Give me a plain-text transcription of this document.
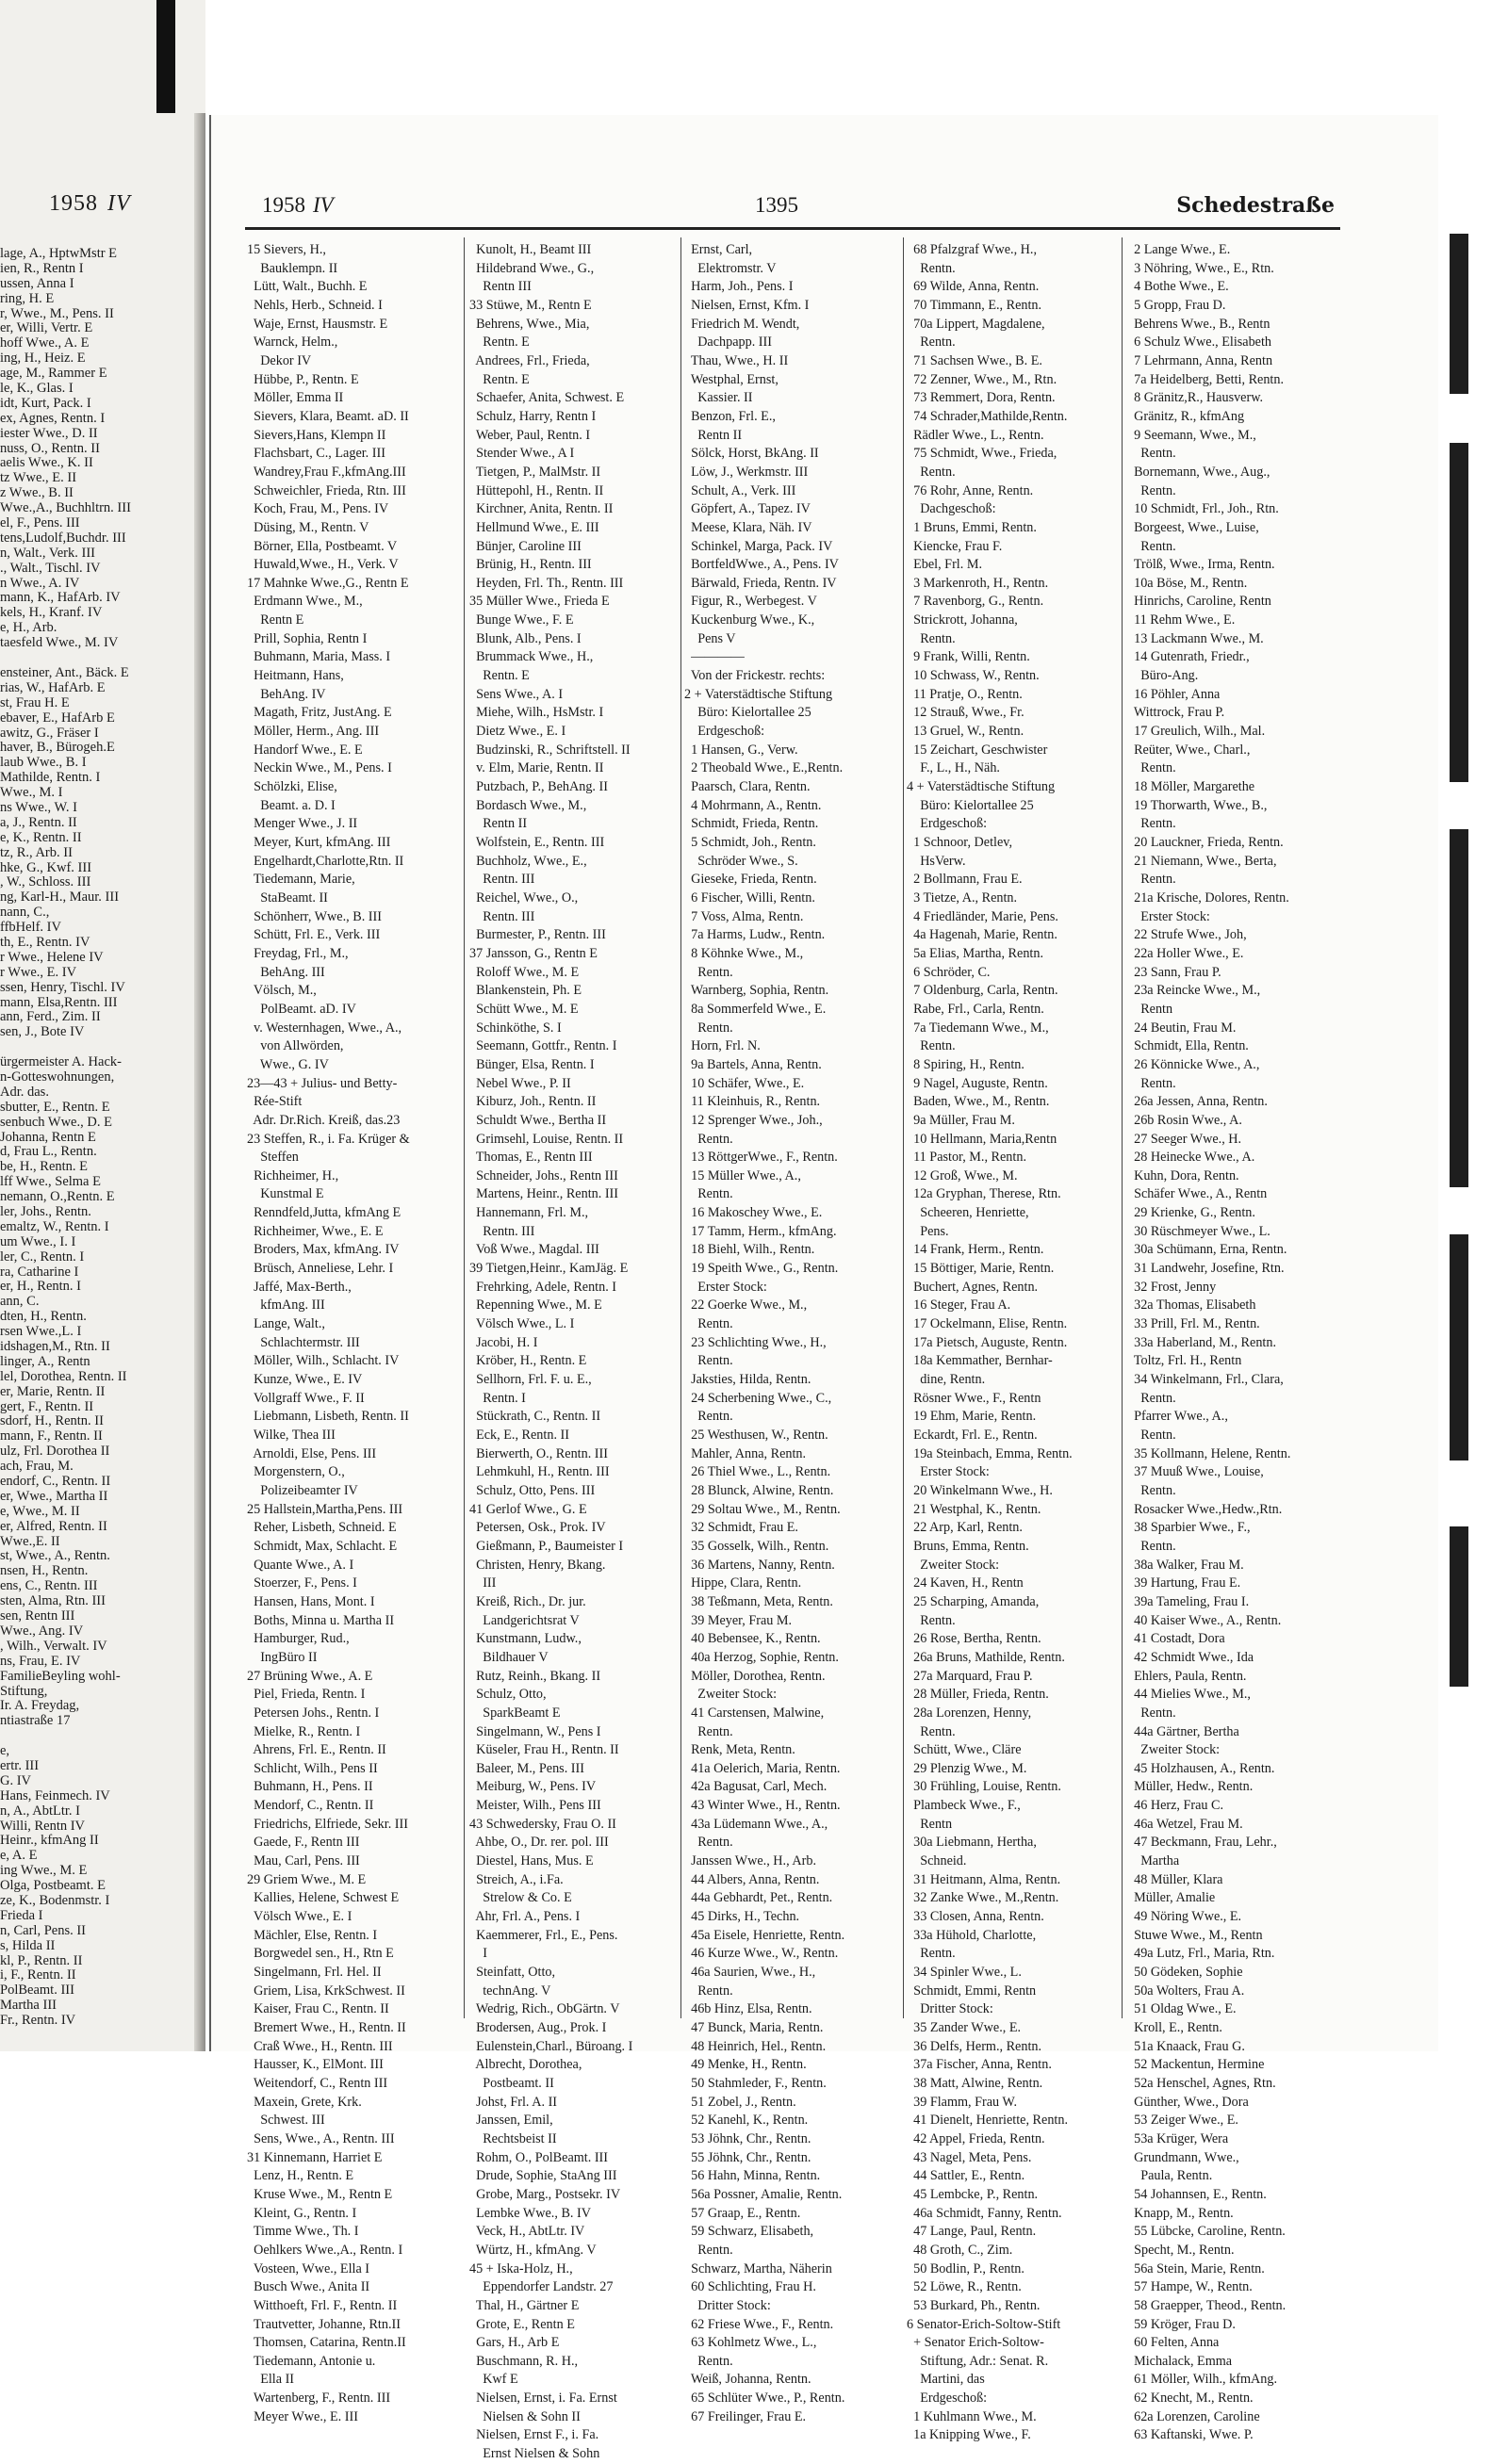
1958 IV
lage, A., HptwMstr E
ien, R., Rentn I
ussen, Anna I
ring, H. E
r, Wwe., M., Pens. II
er, Willi, Vertr. E
hoff Wwe., A. E
ing, H., Heiz. E
age, M., Rammer E
le, K., Glas. I
idt, Kurt, Pack. I
ex, Agnes, Rentn. I
iester Wwe., D. II
nuss, O., Rentn. II
aelis Wwe., K. II
tz Wwe., E. II
z Wwe., B. II
Wwe.,A., Buchhltrn. III
el, F., Pens. III
tens,Ludolf,Buchdr. III
n, Walt., Verk. III
., Walt., Tischl. IV
n Wwe., A. IV
mann, K., HafArb. IV
kels, H., Kranf. IV
e, H., Arb.
taesfeld Wwe., M. IV
ensteiner, Ant., Bäck. E
rias, W., HafArb. E
st, Frau H. E
ebaver, E., HafArb E
awitz, G., Fräser I
haver, B., Bürogeh.E
laub Wwe., B. I
Mathilde, Rentn. I
Wwe., M. I
ns Wwe., W. I
a, J., Rentn. II
e, K., Rentn. II
tz, R., Arb. II
hke, G., Kwf. III
, W., Schloss. III
ng, Karl-H., Maur. III
nann, C.,
ffbHelf. IV
th, E., Rentn. IV
r Wwe., Helene IV
r Wwe., E. IV
ssen, Henry, Tischl. IV
mann, Elsa,Rentn. III
ann, Ferd., Zim. II
sen, J., Bote IV
ürgermeister A. Hack-
n-Gotteswohnungen,
Adr. das.
sbutter, E., Rentn. E
senbuch Wwe., D. E
Johanna, Rentn E
d, Frau L., Rentn.
be, H., Rentn. E
lff Wwe., Selma E
nemann, O.,Rentn. E
ler, Johs., Rentn.
emaltz, W., Rentn. I
um Wwe., I. I
ler, C., Rentn. I
ra, Catharine I
er, H., Rentn. I
ann, C.
dten, H., Rentn.
rsen Wwe.,L. I
idshagen,M., Rtn. II
linger, A., Rentn
lel, Dorothea, Rentn. II
er, Marie, Rentn. II
gert, F., Rentn. II
sdorf, H., Rentn. II
mann, F., Rentn. II
ulz, Frl. Dorothea II
ach, Frau, M.
endorf, C., Rentn. II
er, Wwe., Martha II
e, Wwe., M. II
er, Alfred, Rentn. II
Wwe.,E. II
st, Wwe., A., Rentn.
nsen, H., Rentn.
ens, C., Rentn. III
sten, Alma, Rtn. III
sen, Rentn III
Wwe., Ang. IV
, Wilh., Verwalt. IV
ns, Frau, E. IV
FamilieBeyling wohl-
Stiftung,
Ir. A. Freydag,
ntiastraße 17
e,
ertr. III
G. IV
Hans, Feinmech. IV
n, A., AbtLtr. I
Willi, Rentn IV
Heinr., kfmAng II
e, A. E
ing Wwe., M. E
Olga, Postbeamt. E
ze, K., Bodenmstr. I
Frieda I
n, Carl, Pens. II
s, Hilda II
kl, P., Rentn. II
i, F., Rentn. II
PolBeamt. III
Martha III
Fr., Rentn. IV
1958 IV	1395	Schedestraße
15 Sievers, H.,
Bauklempn. II
Lütt, Walt., Buchh. E
Nehls, Herb., Schneid. I
Waje, Ernst, Hausmstr. E
Warnck, Helm.,
Dekor IV
Hübbe, P., Rentn. E
Möller, Emma II
Sievers, Klara, Beamt. aD. II
Sievers,Hans, Klempn II
Flachsbart, C., Lager. III
Wandrey,Frau F.,kfmAng.III
Schweichler, Frieda, Rtn. III
Koch, Frau, M., Pens. IV
Düsing, M., Rentn. V
Börner, Ella, Postbeamt. V
Huwald,Wwe., H., Verk. V
17 Mahnke Wwe.,G., Rentn E
Erdmann Wwe., M.,
Rentn E
Prill, Sophia, Rentn I
Buhmann, Maria, Mass. I
Heitmann, Hans,
BehAng. IV
Magath, Fritz, JustAng. E
Möller, Herm., Ang. III
Handorf Wwe., E. E
Neckin Wwe., M., Pens. I
Schölzki, Elise,
Beamt. a. D. I
Menger Wwe., J. II
Meyer, Kurt, kfmAng. III
Engelhardt,Charlotte,Rtn. II
Tiedemann, Marie,
StaBeamt. II
Schönherr, Wwe., B. III
Schütt, Frl. E., Verk. III
Freydag, Frl., M.,
BehAng. III
Völsch, M.,
PolBeamt. aD. IV
v. Westernhagen, Wwe., A.,
von Allwörden,
Wwe., G. IV
23—43 + Julius- und Betty-
Rée-Stift
Adr. Dr.Rich. Kreiß, das.23
23 Steffen, R., i. Fa. Krüger &
Steffen
Richheimer, H.,
Kunstmal E
Renndfeld,Jutta, kfmAng E
Richheimer, Wwe., E. E
Broders, Max, kfmAng. IV
Brüsch, Anneliese, Lehr. I
Jaffé, Max-Berth.,
kfmAng. III
Lange, Walt.,
Schlachtermstr. III
Möller, Wilh., Schlacht. IV
Kunze, Wwe., E. IV
Vollgraff Wwe., F. II
Liebmann, Lisbeth, Rentn. II
Wilke, Thea III
Arnoldi, Else, Pens. III
Morgenstern, O.,
Polizeibeamter IV
25 Hallstein,Martha,Pens. III
Reher, Lisbeth, Schneid. E
Schmidt, Max, Schlacht. E
Quante Wwe., A. I
Stoerzer, F., Pens. I
Hansen, Hans, Mont. I
Boths, Minna u. Martha II
Hamburger, Rud.,
IngBüro II
27 Brüning Wwe., A. E
Piel, Frieda, Rentn. I
Petersen Johs., Rentn. I
Mielke, R., Rentn. I
Ahrens, Frl. E., Rentn. II
Schlicht, Wilh., Pens II
Buhmann, H., Pens. II
Mendorf, C., Rentn. II
Friedrichs, Elfriede, Sekr. III
Gaede, F., Rentn III
Mau, Carl, Pens. III
29 Griem Wwe., M. E
Kallies, Helene, Schwest E
Völsch Wwe., E. I
Mächler, Else, Rentn. I
Borgwedel sen., H., Rtn E
Singelmann, Frl. Hel. II
Griem, Lisa, KrkSchwest. II
Kaiser, Frau C., Rentn. II
Bremert Wwe., H., Rentn. II
Craß Wwe., H., Rentn. III
Hausser, K., ElMont. III
Weitendorf, C., Rentn III
Maxein, Grete, Krk.
Schwest. III
Sens, Wwe., A., Rentn. III
31 Kinnemann, Harriet E
Lenz, H., Rentn. E
Kruse Wwe., M., Rentn E
Kleint, G., Rentn. I
Timme Wwe., Th. I
Oehlkers Wwe.,A., Rentn. I
Vosteen, Wwe., Ella I
Busch Wwe., Anita II
Witthoeft, Frl. F., Rentn. II
Trautvetter, Johanne, Rtn.II
Thomsen, Catarina, Rentn.II
Tiedemann, Antonie u.
Ella II
Wartenberg, F., Rentn. III
Meyer Wwe., E. III
Kunolt, H., Beamt III
Hildebrand Wwe., G.,
Rentn III
33 Stüwe, M., Rentn E
Behrens, Wwe., Mia,
Rentn. E
Andrees, Frl., Frieda,
Rentn. E
Schaefer, Anita, Schwest. E
Schulz, Harry, Rentn I
Weber, Paul, Rentn. I
Stender Wwe., A I
Tietgen, P., MalMstr. II
Hüttepohl, H., Rentn. II
Kirchner, Anita, Rentn. II
Hellmund Wwe., E. III
Bünjer, Caroline III
Brünig, H., Rentn. III
Heyden, Frl. Th., Rentn. III
35 Müller Wwe., Frieda E
Bunge Wwe., F. E
Blunk, Alb., Pens. I
Brummack Wwe., H.,
Rentn. E
Sens Wwe., A. I
Miehe, Wilh., HsMstr. I
Dietz Wwe., E. I
Budzinski, R., Schriftstell. II
v. Elm, Marie, Rentn. II
Putzbach, P., BehAng. II
Bordasch Wwe., M.,
Rentn II
Wolfstein, E., Rentn. III
Buchholz, Wwe., E.,
Rentn. III
Reichel, Wwe., O.,
Rentn. III
Burmester, P., Rentn. III
37 Jansson, G., Rentn E
Roloff Wwe., M. E
Blankenstein, Ph. E
Schütt Wwe., M. E
Schinköthe, S. I
Seemann, Gottfr., Rentn. I
Bünger, Elsa, Rentn. I
Nebel Wwe., P. II
Kiburz, Joh., Rentn. II
Schuldt Wwe., Bertha II
Grimsehl, Louise, Rentn. II
Thomas, E., Rentn III
Schneider, Johs., Rentn III
Martens, Heinr., Rentn. III
Hannemann, Frl. M.,
Rentn. III
Voß Wwe., Magdal. III
39 Tietgen,Heinr., KamJäg. E
Frehrking, Adele, Rentn. I
Repenning Wwe., M. E
Völsch Wwe., L. I
Jacobi, H. I
Kröber, H., Rentn. E
Sellhorn, Frl. F. u. E.,
Rentn. I
Stückrath, C., Rentn. II
Eck, E., Rentn. II
Bierwerth, O., Rentn. III
Lehmkuhl, H., Rentn. III
Schulz, Otto, Pens. III
41 Gerlof Wwe., G. E
Petersen, Osk., Prok. IV
Gießmann, P., Baumeister I
Christen, Henry, Bkang.
III
Kreiß, Rich., Dr. jur.
Landgerichtsrat V
Kunstmann, Ludw.,
Bildhauer V
Rutz, Reinh., Bkang. II
Schulz, Otto,
SparkBeamt E
Singelmann, W., Pens I
Küseler, Frau H., Rentn. II
Baleer, M., Pens. III
Meiburg, W., Pens. IV
Meister, Wilh., Pens III
43 Schwedersky, Frau O. II
Ahbe, O., Dr. rer. pol. III
Diestel, Hans, Mus. E
Streich, A., i.Fa.
Strelow & Co. E
Ahr, Frl. A., Pens. I
Kaemmerer, Frl., E., Pens.
I
Steinfatt, Otto,
technAng. V
Wedrig, Rich., ObGärtn. V
Brodersen, Aug., Prok. I
Eulenstein,Charl., Büroang. I
Albrecht, Dorothea,
Postbeamt. II
Johst, Frl. A. II
Janssen, Emil,
Rechtsbeist II
Rohm, O., PolBeamt. III
Drude, Sophie, StaAng III
Grobe, Marg., Postsekr. IV
Lembke Wwe., B. IV
Veck, H., AbtLtr. IV
Würtz, H., kfmAng. V
45 + Iska-Holz, H.,
Eppendorfer Landstr. 27
Thal, H., Gärtner E
Grote, E., Rentn E
Gars, H., Arb E
Buschmann, R. H.,
Kwf E
Nielsen, Ernst, i. Fa. Ernst
Nielsen & Sohn II
Nielsen, Ernst F., i. Fa.
Ernst Nielsen & Sohn
Ernst, Carl,
Elektromstr. V
Harm, Joh., Pens. I
Nielsen, Ernst, Kfm. I
Friedrich M. Wendt,
Dachpapp. III
Thau, Wwe., H. II
Westphal, Ernst,
Kassier. II
Benzon, Frl. E.,
Rentn II
Sölck, Horst, BkAng. II
Löw, J., Werkmstr. III
Schult, A., Verk. III
Göpfert, A., Tapez. IV
Meese, Klara, Näh. IV
Schinkel, Marga, Pack. IV
BortfeldWwe., A., Pens. IV
Bärwald, Frieda, Rentn. IV
Figur, R., Werbegest. V
Kuckenburg Wwe., K.,
Pens V
————
Von der Frickestr. rechts:
2 + Vaterstädtische Stiftung
Büro: Kielortallee 25
Erdgeschoß:
1 Hansen, G., Verw.
2 Theobald Wwe., E.,Rentn.
Paarsch, Clara, Rentn.
4 Mohrmann, A., Rentn.
Schmidt, Frieda, Rentn.
5 Schmidt, Joh., Rentn.
Schröder Wwe., S.
Gieseke, Frieda, Rentn.
6 Fischer, Willi, Rentn.
7 Voss, Alma, Rentn.
7a Harms, Ludw., Rentn.
8 Köhnke Wwe., M.,
Rentn.
Warnberg, Sophia, Rentn.
8a Sommerfeld Wwe., E.
Rentn.
Horn, Frl. N.
9a Bartels, Anna, Rentn.
10 Schäfer, Wwe., E.
11 Kleinhuis, R., Rentn.
12 Sprenger Wwe., Joh.,
Rentn.
13 RöttgerWwe., F., Rentn.
15 Müller Wwe., A.,
Rentn.
16 Makoschey Wwe., E.
17 Tamm, Herm., kfmAng.
18 Biehl, Wilh., Rentn.
19 Speith Wwe., G., Rentn.
Erster Stock:
22 Goerke Wwe., M.,
Rentn.
23 Schlichting Wwe., H.,
Rentn.
Jaksties, Hilda, Rentn.
24 Scherbening Wwe., C.,
Rentn.
25 Westhusen, W., Rentn.
Mahler, Anna, Rentn.
26 Thiel Wwe., L., Rentn.
28 Blunck, Alwine, Rentn.
29 Soltau Wwe., M., Rentn.
32 Schmidt, Frau E.
35 Gosselk, Wilh., Rentn.
36 Martens, Nanny, Rentn.
Hippe, Clara, Rentn.
38 Teßmann, Meta, Rentn.
39 Meyer, Frau M.
40 Bebensee, K., Rentn.
40a Herzog, Sophie, Rentn.
Möller, Dorothea, Rentn.
Zweiter Stock:
41 Carstensen, Malwine,
Rentn.
Renk, Meta, Rentn.
41a Oelerich, Maria, Rentn.
42a Bagusat, Carl, Mech.
43 Winter Wwe., H., Rentn.
43a Lüdemann Wwe., A.,
Rentn.
Janssen Wwe., H., Arb.
44 Albers, Anna, Rentn.
44a Gebhardt, Pet., Rentn.
45 Dirks, H., Techn.
45a Eisele, Henriette, Rentn.
46 Kurze Wwe., W., Rentn.
46a Saurien, Wwe., H.,
Rentn.
46b Hinz, Elsa, Rentn.
47 Bunck, Maria, Rentn.
48 Heinrich, Hel., Rentn.
49 Menke, H., Rentn.
50 Stahmleder, F., Rentn.
51 Zobel, J., Rentn.
52 Kanehl, K., Rentn.
53 Jöhnk, Chr., Rentn.
55 Jöhnk, Chr., Rentn.
56 Hahn, Minna, Rentn.
56a Possner, Amalie, Rentn.
57 Graap, E., Rentn.
59 Schwarz, Elisabeth,
Rentn.
Schwarz, Martha, Näherin
60 Schlichting, Frau H.
Dritter Stock:
62 Friese Wwe., F., Rentn.
63 Kohlmetz Wwe., L.,
Rentn.
Weiß, Johanna, Rentn.
65 Schlüter Wwe., P., Rentn.
67 Freilinger, Frau E.
68 Pfalzgraf Wwe., H.,
Rentn.
69 Wilde, Anna, Rentn.
70 Timmann, E., Rentn.
70a Lippert, Magdalene,
Rentn.
71 Sachsen Wwe., B. E.
72 Zenner, Wwe., M., Rtn.
73 Remmert, Dora, Rentn.
74 Schrader,Mathilde,Rentn.
Rädler Wwe., L., Rentn.
75 Schmidt, Wwe., Frieda,
Rentn.
76 Rohr, Anne, Rentn.
Dachgeschoß:
1 Bruns, Emmi, Rentn.
Kiencke, Frau F.
Ebel, Frl. M.
3 Markenroth, H., Rentn.
7 Ravenborg, G., Rentn.
Strickrott, Johanna,
Rentn.
9 Frank, Willi, Rentn.
10 Schwass, W., Rentn.
11 Pratje, O., Rentn.
12 Strauß, Wwe., Fr.
13 Gruel, W., Rentn.
15 Zeichart, Geschwister
F., L., H., Näh.
4 + Vaterstädtische Stiftung
Büro: Kielortallee 25
Erdgeschoß:
1 Schnoor, Detlev,
HsVerw.
2 Bollmann, Frau E.
3 Tietze, A., Rentn.
4 Friedländer, Marie, Pens.
4a Hagenah, Marie, Rentn.
5a Elias, Martha, Rentn.
6 Schröder, C.
7 Oldenburg, Carla, Rentn.
Rabe, Frl., Carla, Rentn.
7a Tiedemann Wwe., M.,
Rentn.
8 Spiring, H., Rentn.
9 Nagel, Auguste, Rentn.
Baden, Wwe., M., Rentn.
9a Müller, Frau M.
10 Hellmann, Maria,Rentn
11 Pastor, M., Rentn.
12 Groß, Wwe., M.
12a Gryphan, Therese, Rtn.
Scheeren, Henriette,
Pens.
14 Frank, Herm., Rentn.
15 Böttiger, Marie, Rentn.
Buchert, Agnes, Rentn.
16 Steger, Frau A.
17 Ockelmann, Elise, Rentn.
17a Pietsch, Auguste, Rentn.
18a Kemmather, Bernhar-
dine, Rentn.
Rösner Wwe., F., Rentn
19 Ehm, Marie, Rentn.
Eckardt, Frl. E., Rentn.
19a Steinbach, Emma, Rentn.
Erster Stock:
20 Winkelmann Wwe., H.
21 Westphal, K., Rentn.
22 Arp, Karl, Rentn.
Bruns, Emma, Rentn.
Zweiter Stock:
24 Kaven, H., Rentn
25 Scharping, Amanda,
Rentn.
26 Rose, Bertha, Rentn.
26a Bruns, Mathilde, Rentn.
27a Marquard, Frau P.
28 Müller, Frieda, Rentn.
28a Lorenzen, Henny,
Rentn.
Schütt, Wwe., Cläre
29 Plenzig Wwe., M.
30 Frühling, Louise, Rentn.
Plambeck Wwe., F.,
Rentn
30a Liebmann, Hertha,
Schneid.
31 Heitmann, Alma, Rentn.
32 Zanke Wwe., M.,Rentn.
33 Closen, Anna, Rentn.
33a Hühold, Charlotte,
Rentn.
34 Spinler Wwe., L.
Schmidt, Emmi, Rentn
Dritter Stock:
35 Zander Wwe., E.
36 Delfs, Herm., Rentn.
37a Fischer, Anna, Rentn.
38 Matt, Alwine, Rentn.
39 Flamm, Frau W.
41 Dienelt, Henriette, Rentn.
42 Appel, Frieda, Rentn.
43 Nagel, Meta, Pens.
44 Sattler, E., Rentn.
45 Lembcke, P., Rentn.
46a Schmidt, Fanny, Rentn.
47 Lange, Paul, Rentn.
48 Groth, C., Zim.
50 Bodlin, P., Rentn.
52 Löwe, R., Rentn.
53 Burkard, Ph., Rentn.
6 Senator-Erich-Soltow-Stift
+ Senator Erich-Soltow-
Stiftung, Adr.: Senat. R.
Martini, das
Erdgeschoß:
1 Kuhlmann Wwe., M.
1a Knipping Wwe., F.
2 Lange Wwe., E.
3 Nöhring, Wwe., E., Rtn.
4 Bothe Wwe., E.
5 Gropp, Frau D.
Behrens Wwe., B., Rentn
6 Schulz Wwe., Elisabeth
7 Lehrmann, Anna, Rentn
7a Heidelberg, Betti, Rentn.
8 Gränitz,R., Hausverw.
Gränitz, R., kfmAng
9 Seemann, Wwe., M.,
Rentn.
Bornemann, Wwe., Aug.,
Rentn.
10 Schmidt, Frl., Joh., Rtn.
Borgeest, Wwe., Luise,
Rentn.
Trölß, Wwe., Irma, Rentn.
10a Böse, M., Rentn.
Hinrichs, Caroline, Rentn
11 Rehm Wwe., E.
13 Lackmann Wwe., M.
14 Gutenrath, Friedr.,
Büro-Ang.
16 Pöhler, Anna
Wittrock, Frau P.
17 Greulich, Wilh., Mal.
Reüter, Wwe., Charl.,
Rentn.
18 Möller, Margarethe
19 Thorwarth, Wwe., B.,
Rentn.
20 Lauckner, Frieda, Rentn.
21 Niemann, Wwe., Berta,
Rentn.
21a Krische, Dolores, Rentn.
Erster Stock:
22 Strufe Wwe., Joh,
22a Holler Wwe., E.
23 Sann, Frau P.
23a Reincke Wwe., M.,
Rentn
24 Beutin, Frau M.
Schmidt, Ella, Rentn.
26 Könnicke Wwe., A.,
Rentn.
26a Jessen, Anna, Rentn.
26b Rosin Wwe., A.
27 Seeger Wwe., H.
28 Heinecke Wwe., A.
Kuhn, Dora, Rentn.
Schäfer Wwe., A., Rentn
29 Krienke, G., Rentn.
30 Rüschmeyer Wwe., L.
30a Schümann, Erna, Rentn.
31 Landwehr, Josefine, Rtn.
32 Frost, Jenny
32a Thomas, Elisabeth
33 Prill, Frl. M., Rentn.
33a Haberland, M., Rentn.
Toltz, Frl. H., Rentn
34 Winkelmann, Frl., Clara,
Rentn.
Pfarrer Wwe., A.,
Rentn.
35 Kollmann, Helene, Rentn.
37 Muuß Wwe., Louise,
Rentn.
Rosacker Wwe.,Hedw.,Rtn.
38 Sparbier Wwe., F.,
Rentn.
38a Walker, Frau M.
39 Hartung, Frau E.
39a Tameling, Frau I.
40 Kaiser Wwe., A., Rentn.
41 Costadt, Dora
42 Schmidt Wwe., Ida
Ehlers, Paula, Rentn.
44 Mielies Wwe., M.,
Rentn.
44a Gärtner, Bertha
Zweiter Stock:
45 Holzhausen, A., Rentn.
Müller, Hedw., Rentn.
46 Herz, Frau C.
46a Wetzel, Frau M.
47 Beckmann, Frau, Lehr.,
Martha
48 Müller, Klara
Müller, Amalie
49 Nöring Wwe., E.
Stuwe Wwe., M., Rentn
49a Lutz, Frl., Maria, Rtn.
50 Gödeken, Sophie
50a Wolters, Frau A.
51 Oldag Wwe., E.
Kroll, E., Rentn.
51a Knaack, Frau G.
52 Mackentun, Hermine
52a Henschel, Agnes, Rtn.
Günther, Wwe., Dora
53 Zeiger Wwe., E.
53a Krüger, Wera
Grundmann, Wwe.,
Paula, Rentn.
54 Johannsen, E., Rentn.
Knapp, M., Rentn.
55 Lübcke, Caroline, Rentn.
Specht, M., Rentn.
56a Stein, Marie, Rentn.
57 Hampe, W., Rentn.
58 Graepper, Theod., Rentn.
59 Kröger, Frau D.
60 Felten, Anna
Michalack, Emma
61 Möller, Wilh., kfmAng.
62 Knecht, M., Rentn.
62a Lorenzen, Caroline
63 Kaftanski, Wwe. P.
